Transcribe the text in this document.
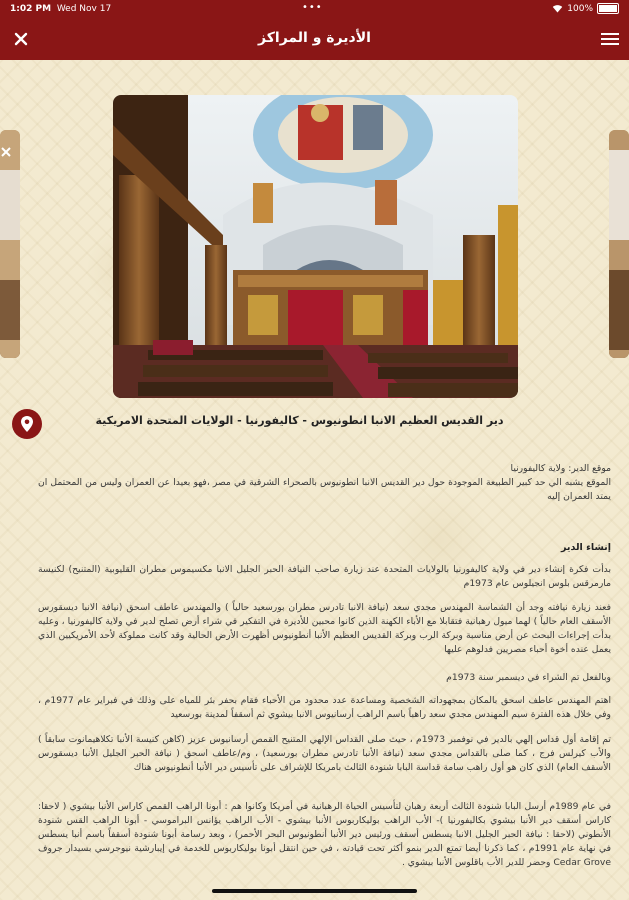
1:02 PM Wed Nov 17	•••	100%
الأديرة و المراكز
دير القديس العظيم الانبا انطونيوس - كاليفورنيا - الولايات المتحدة الامريكية
موقع الدير: ولاية كاليفورنيا
الموقع يشبه الي حد كبير الطبيعة الموجودة حول دير القديس الانبا انطونيوس بالصحراء الشرقية في مصر ،فهو بعيدا عن العمران وليس من المحتمل ان يمتد العمران إليه
إنشاء الدير
بدأت فكرة إنشاء دير في ولاية كاليفورنيا بالولايات المتحدة عند زيارة صاحب النيافة الحبر الجليل الانبا مكسيموس مطران القليوبية (المتنيح) لكنيسة مارمرقس بلوس انجيلوس عام 1973م
فعند زيارة نيافته وجد أن الشماسة المهندس مجدي سعد (نيافة الانبا تادرس مطران بورسعيد حالياً ) والمهندس عاطف اسحق (نيافة الانبا ديسقورس الأسقف العام حالياً ) لهما ميول رهبانية فتقابلا مع الأباء الكهنة الذين كانوا محبين للأديرة في التفكير في شراء أرض تصلح لدير في ولاية كاليفورنيا ، وعليه بدأت إجراءات البحث عن أرض مناسبة وبركة الرب وبركة القديس العظيم الأنبا أنطونيوس أظهرت الأرض الحالية وقد كانت مملوكة لأحد الأمريكيين الذي يعمل عنده أخوة أحباء مصريين فدلوهم عليها
وبالفعل تم الشراء في ديسمبر سنة 1973م
اهتم المهندس عاطف اسحق بالمكان بمجهوداته الشخصية ومساعدة عدد محدود من الأحباء فقام بحفر بئر للمياه على وذلك في فبراير عام 1977م ، وفي خلال هذه الفترة سيم المهندس مجدي سعد راهباً باسم الراهب أرسانيوس الانبا بيشوي ثم أسقفاً لمدينة بورسعيد
تم إقامة أول قداس إلهي بالدير في نوفمبر 1973م ، حيث صلى القداس الإلهي المتنيح القمص أرسانيوس عزيز (كاهن كنيسة الأنبا تكلاهيمانوت سابقاً ) والأب كيرلس فرج ، كما صلى بالقداس مجدي سعد (نيافة الأنبا تادرس مطران بورسعيد) ، وم/عاطف اسحق ( نيافة الحبر الجليل الأنبا ديسقورس الأسقف العام) الذي كان هو أول راهب سامة قداسة البابا شنودة الثالث بامريكا للإشراف على تأسيس دير الأنبا أنطونيوس هناك
في عام 1989م أرسل البابا شنودة الثالث أربعة رهبان لتأسيس الحياة الرهبانية في أمريكا وكانوا هم : أبونا الراهب القمص كاراس الأنبا بيشوي ( لاحقا: كاراس أسقف دير الأنبا بيشوي بكاليفورنيا )- الأب الراهب بوليكاربوس الأنبا بيشوي - الأب الراهب يؤانس البراموسي - أبونا الراهب القس شنودة الأنطوني (لاحقا : نيافة الحبر الجليل الانبا يسطس أسقف ورئيس دير الأنبا أنطونيوس البحر الأحمر) ، وبعد رسامة أبونا شنودة أسقفاً باسم أنبا يسطس في نهاية عام 1991م ، كما ذكرنا أيضا تمتع الدير بنمو أكثر تحت قيادته ، في حين انتقل أبونا بوليكاربوس للخدمة في إيبارشية نيوجرسي بسيدار جروف Cedar Grove وحضر للدير الأب باقلوس الأنبا بيشوي .
